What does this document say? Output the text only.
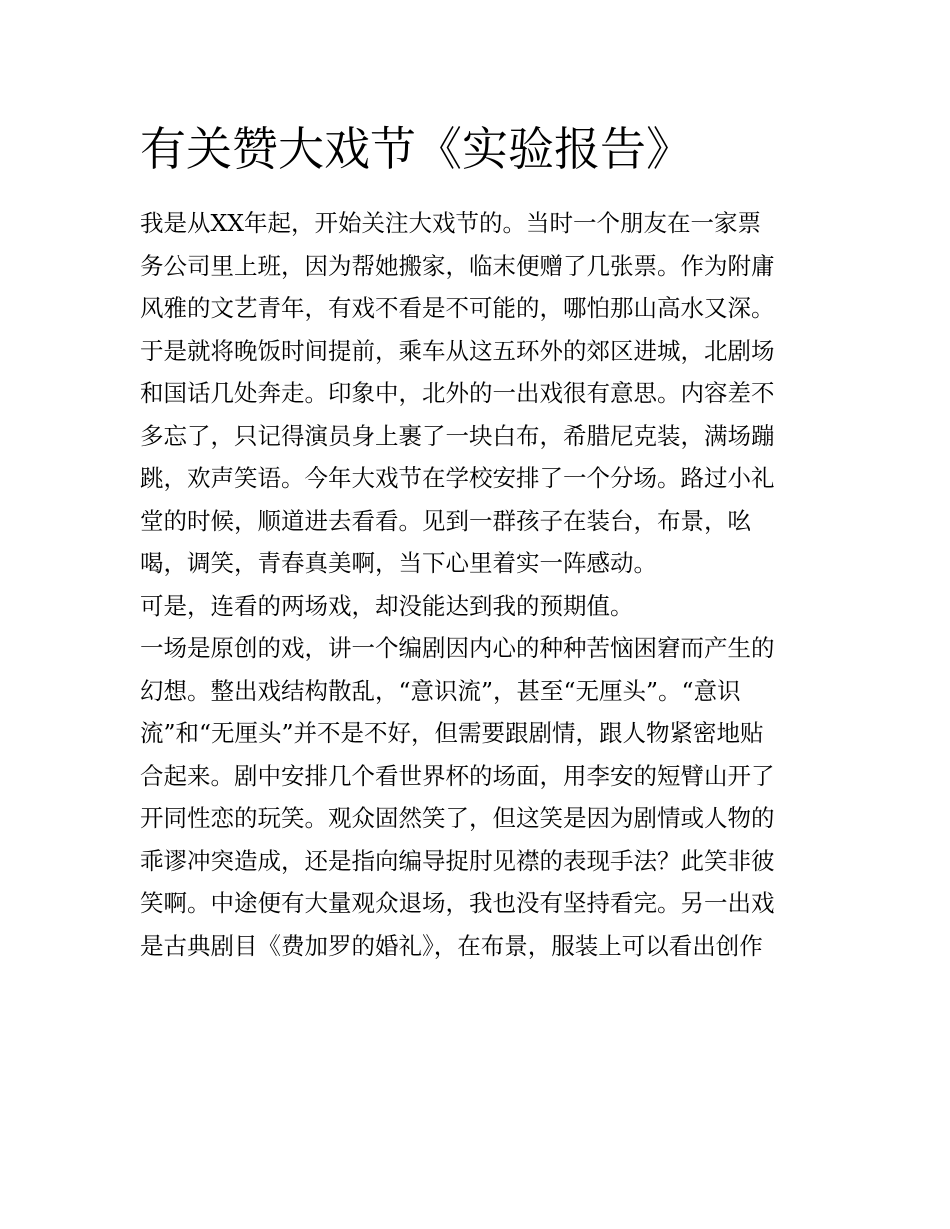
有关赞大戏节《实验报告》
我是从XX年起，开始关注大戏节的。当时一个朋友在一家票
务公司里上班，因为帮她搬家，临末便赠了几张票。作为附庸
风雅的文艺青年，有戏不看是不可能的，哪怕那山高水又深。
于是就将晚饭时间提前，乘车从这五环外的郊区进城，北剧场
和国话几处奔走。印象中，北外的一出戏很有意思。内容差不
多忘了，只记得演员身上裹了一块白布，希腊尼克装，满场蹦
跳，欢声笑语。今年大戏节在学校安排了一个分场。路过小礼
堂的时候，顺道进去看看。见到一群孩子在装台，布景，吆
喝，调笑，青春真美啊，当下心里着实一阵感动。
可是，连看的两场戏，却没能达到我的预期值。
一场是原创的戏，讲一个编剧因内心的种种苦恼困窘而产生的
幻想。整出戏结构散乱，“意识流”，甚至“无厘头”。“意识
流”和“无厘头”并不是不好，但需要跟剧情，跟人物紧密地贴
合起来。剧中安排几个看世界杯的场面，用李安的短臂山开了
开同性恋的玩笑。观众固然笑了，但这笑是因为剧情或人物的
乖谬冲突造成，还是指向编导捉肘见襟的表现手法？此笑非彼
笑啊。中途便有大量观众退场，我也没有坚持看完。另一出戏
是古典剧目《费加罗的婚礼》，在布景，服装上可以看出创作
